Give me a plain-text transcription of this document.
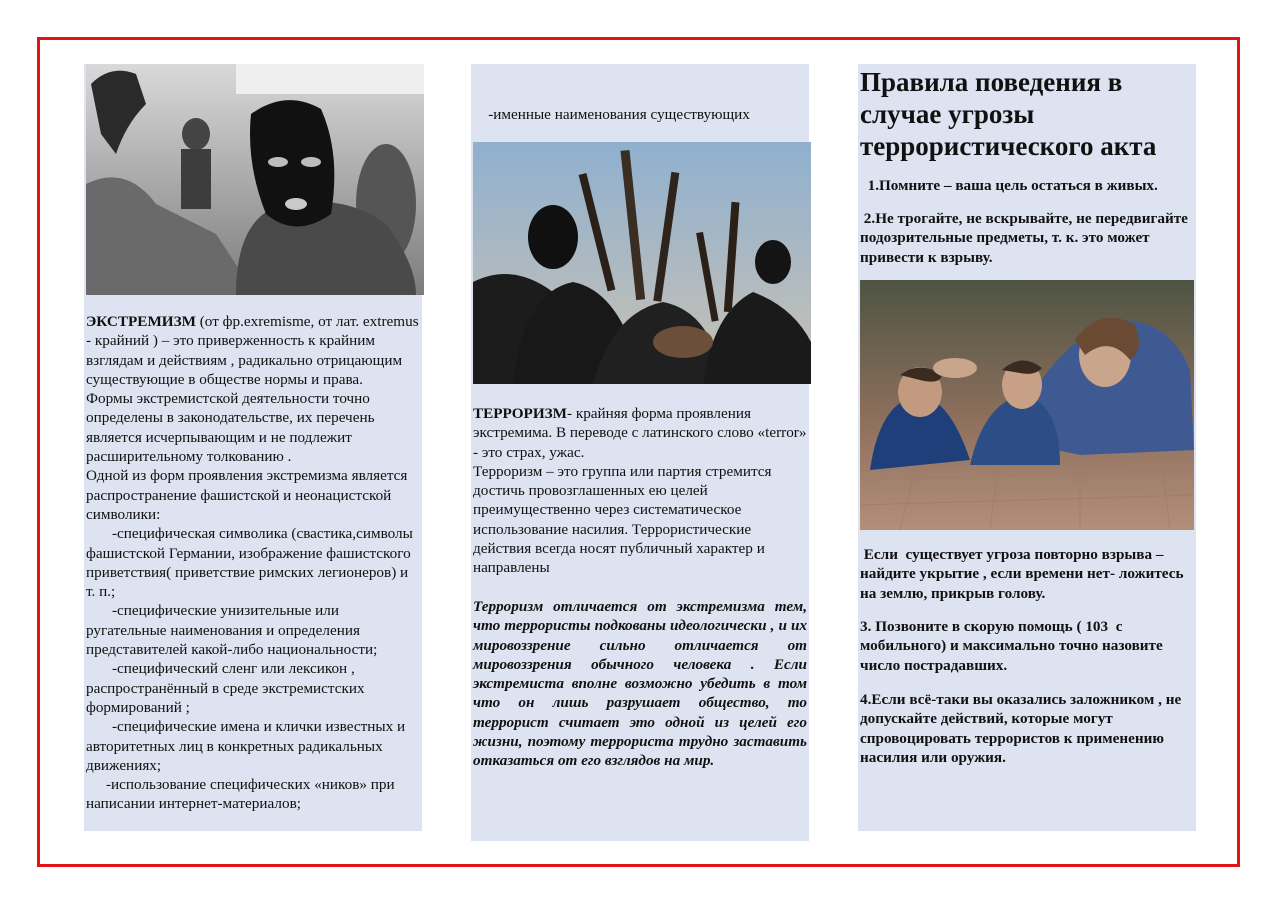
ЭКСТРЕМИЗМ (от фр.exremisme, от лат. extremus - крайний ) – это приверженность к крайним взглядам и действиям , радикально отрицающим существующие в обществе нормы и права.

Формы экстремистской деятельности точно определены в законодательстве, их перечень является исчерпывающим и не подлежит расширительному толкованию .

Одной из форм проявления экстремизма является распространение фашистской и неонацистской символики:

-специфическая символика (свастика,символы фашистской Германии, изображение фашистского приветствия( приветствие римских легионеров) и т. п.;

-специфические унизительные или ругательные наименования и определения представителей какой-либо национальности;

-специфический сленг или лексикон , распространённый в среде экстремистских формирований ;

-специфические имена и клички известных и авторитетных лиц в конкретных радикальных движениях;

-использование специфических «ников» при написании интернет-материалов;

-именные наименования существующих

ТЕРРОРИЗМ- крайняя форма проявления экстремима. В переводе с латинского слово «terror» - это страх, ужас.

Терроризм – это группа или партия стремится достичь провозглашенных ею целей преимущественно через систематическое использование насилия. Террористические действия всегда носят публичный характер и направлены

Терроризм отличается от экстремизма тем, что террористы подкованы идеологически , и их мировоззрение сильно отличается от мировоззрения обычного человека . Если экстремиста вполне возможно убедить в том что он лишь разрушает общество, то террорист считает это одной из целей его жизни, поэтому террориста трудно заставить отказаться от его взглядов на мир.
Правила поведения в случае угрозы террористического акта

1.Помните – ваша цель остаться в живых.

2.Не трогайте, не вскрывайте, не передвигайте подозрительные предметы, т. к. это может привести к взрыву.

Если  существует угроза повторно взрыва – найдите укрытие , если времени нет- ложитесь на землю, прикрыв голову.

3. Позвоните в скорую помощь ( 103  с мобильного) и максимально точно назовите число пострадавших.

4.Если всё-таки вы оказались заложником , не допускайте действий, которые могут спровоцировать террористов к применению насилия или оружия.
